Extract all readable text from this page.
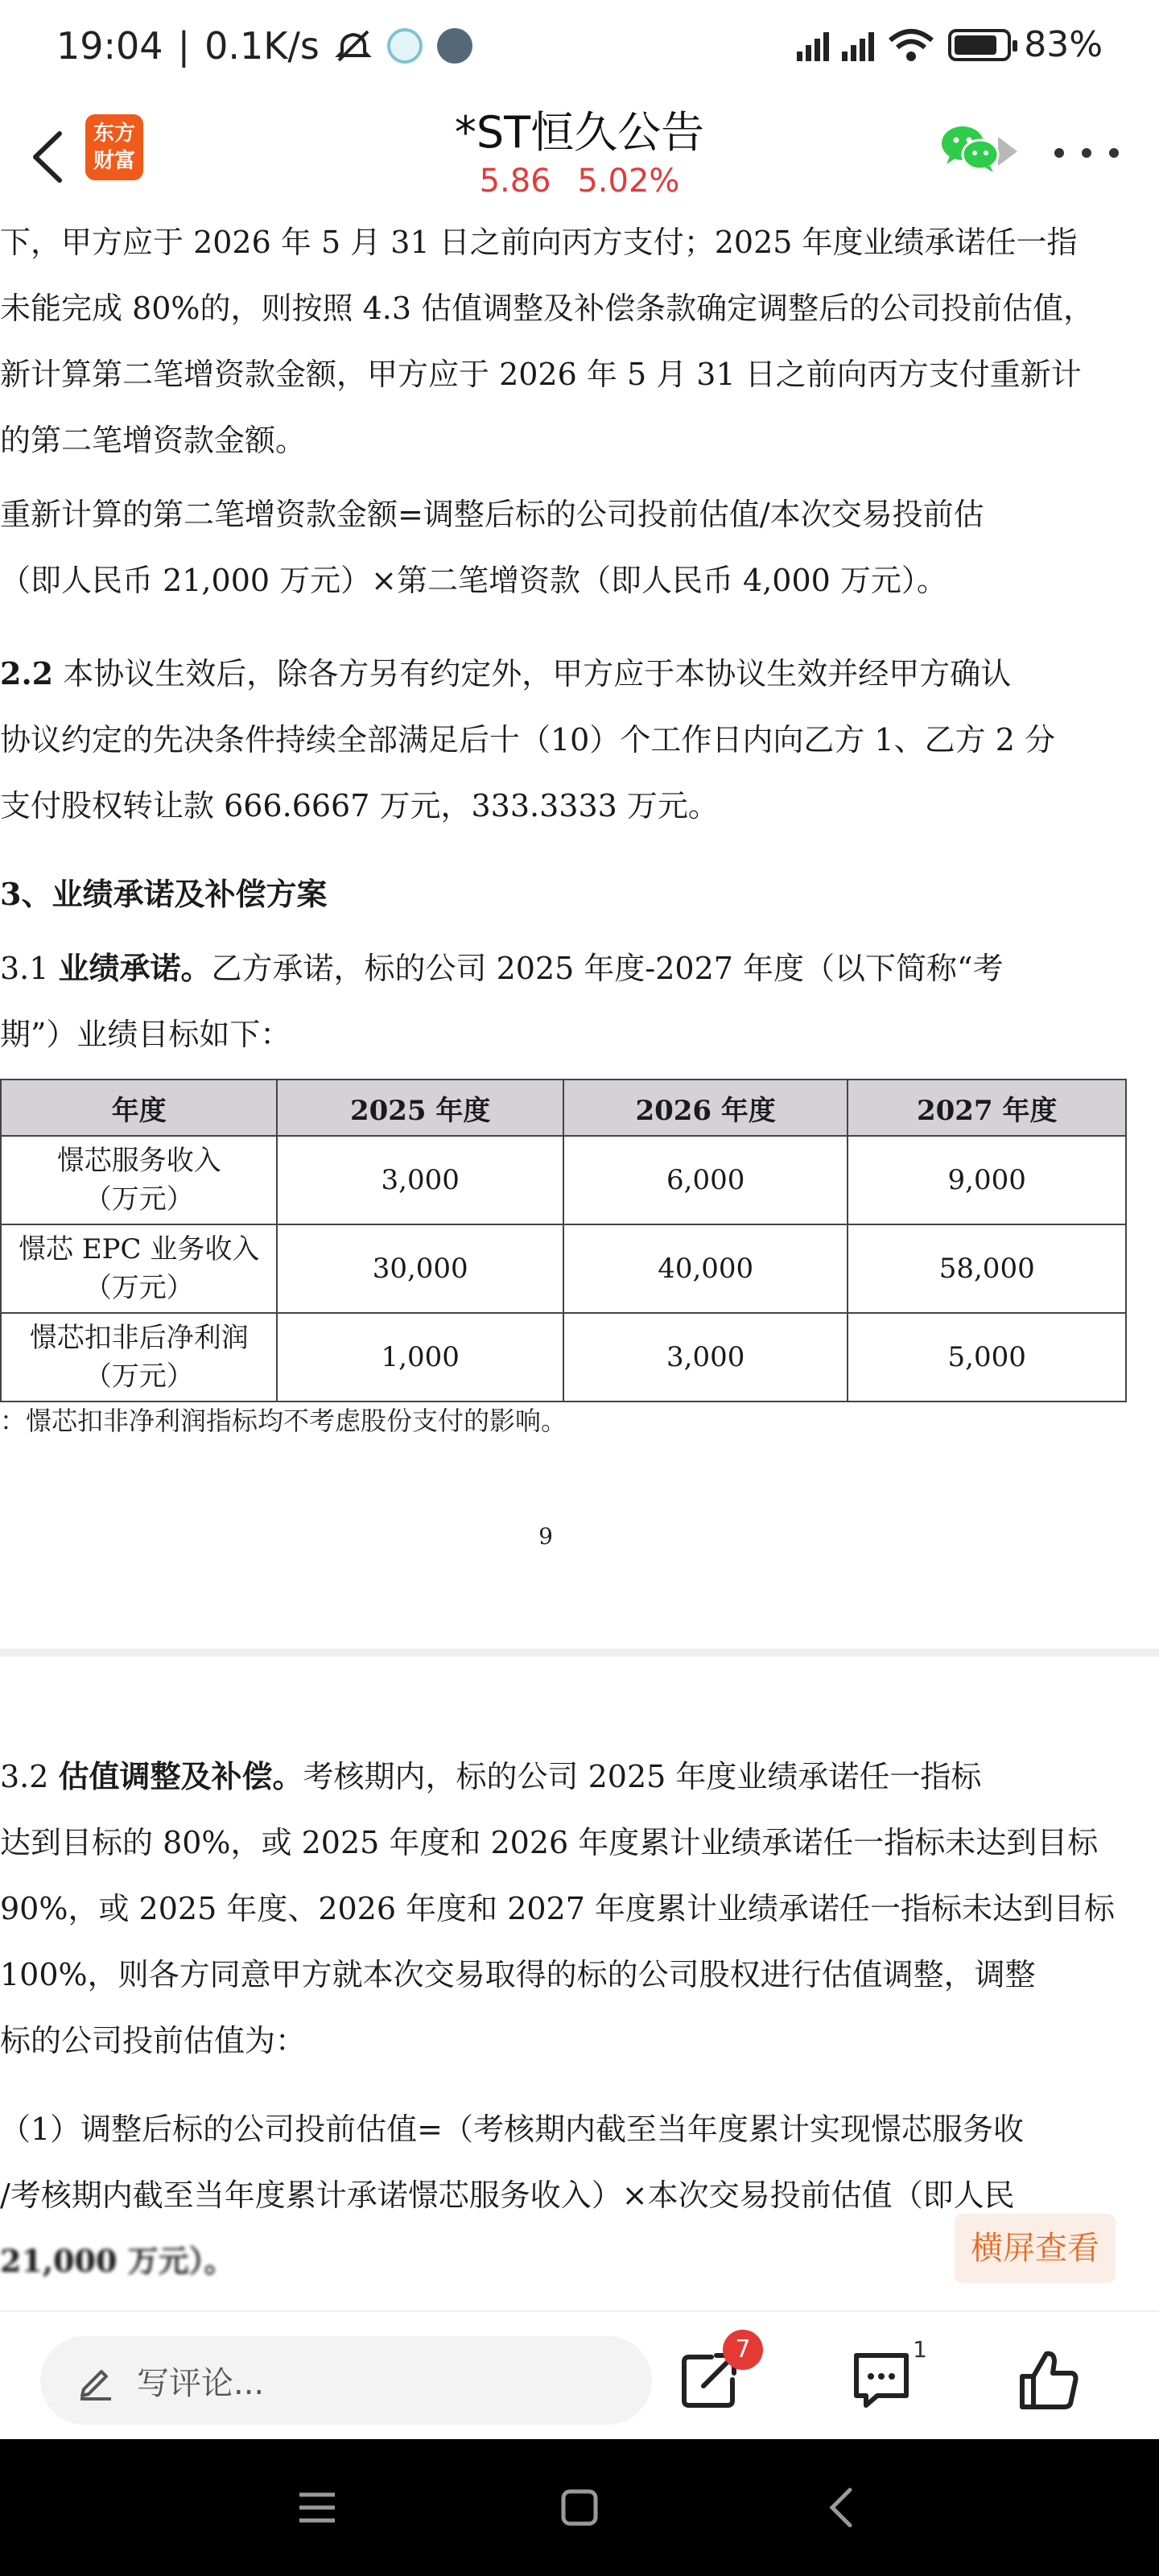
19:04 | 0.1K/s	83%
东方
财富
*ST恒久公告
5.86 5.02%
下，甲方应于 2026 年 5 月 31 日之前向丙方支付；2025 年度业绩承诺任一指
未能完成 80%的，则按照 4.3 估值调整及补偿条款确定调整后的公司投前估值，
新计算第二笔增资款金额，甲方应于 2026 年 5 月 31 日之前向丙方支付重新计
的第二笔增资款金额。
重新计算的第二笔增资款金额=调整后标的公司投前估值/本次交易投前估
（即人民币 21,000 万元）×第二笔增资款（即人民币 4,000 万元）。
2.2 本协议生效后，除各方另有约定外，甲方应于本协议生效并经甲方确认
协议约定的先决条件持续全部满足后十（10）个工作日内向乙方 1、乙方 2 分
支付股权转让款 666.6667 万元，333.3333 万元。
3、业绩承诺及补偿方案
3.1 业绩承诺。乙方承诺，标的公司 2025 年度-2027 年度（以下简称“考
期”）业绩目标如下：
年度	2025 年度	2026 年度	2027 年度

憬芯服务收入
（万元）	3,000	6,000	9,000

憬芯 EPC 业务收入
（万元）	30,000	40,000	58,000

憬芯扣非后净利润
（万元）	1,000	3,000	5,000
：憬芯扣非净利润指标均不考虑股份支付的影响。
9
3.2 估值调整及补偿。考核期内，标的公司 2025 年度业绩承诺任一指标
达到目标的 80%，或 2025 年度和 2026 年度累计业绩承诺任一指标未达到目标
90%，或 2025 年度、2026 年度和 2027 年度累计业绩承诺任一指标未达到目标
100%，则各方同意甲方就本次交易取得的标的公司股权进行估值调整，调整
标的公司投前估值为：
（1）调整后标的公司投前估值=（考核期内截至当年度累计实现憬芯服务收
/考核期内截至当年度累计承诺憬芯服务收入）×本次交易投前估值（即人民
21,000 万元）。	横屏查看
写评论...
7	1
